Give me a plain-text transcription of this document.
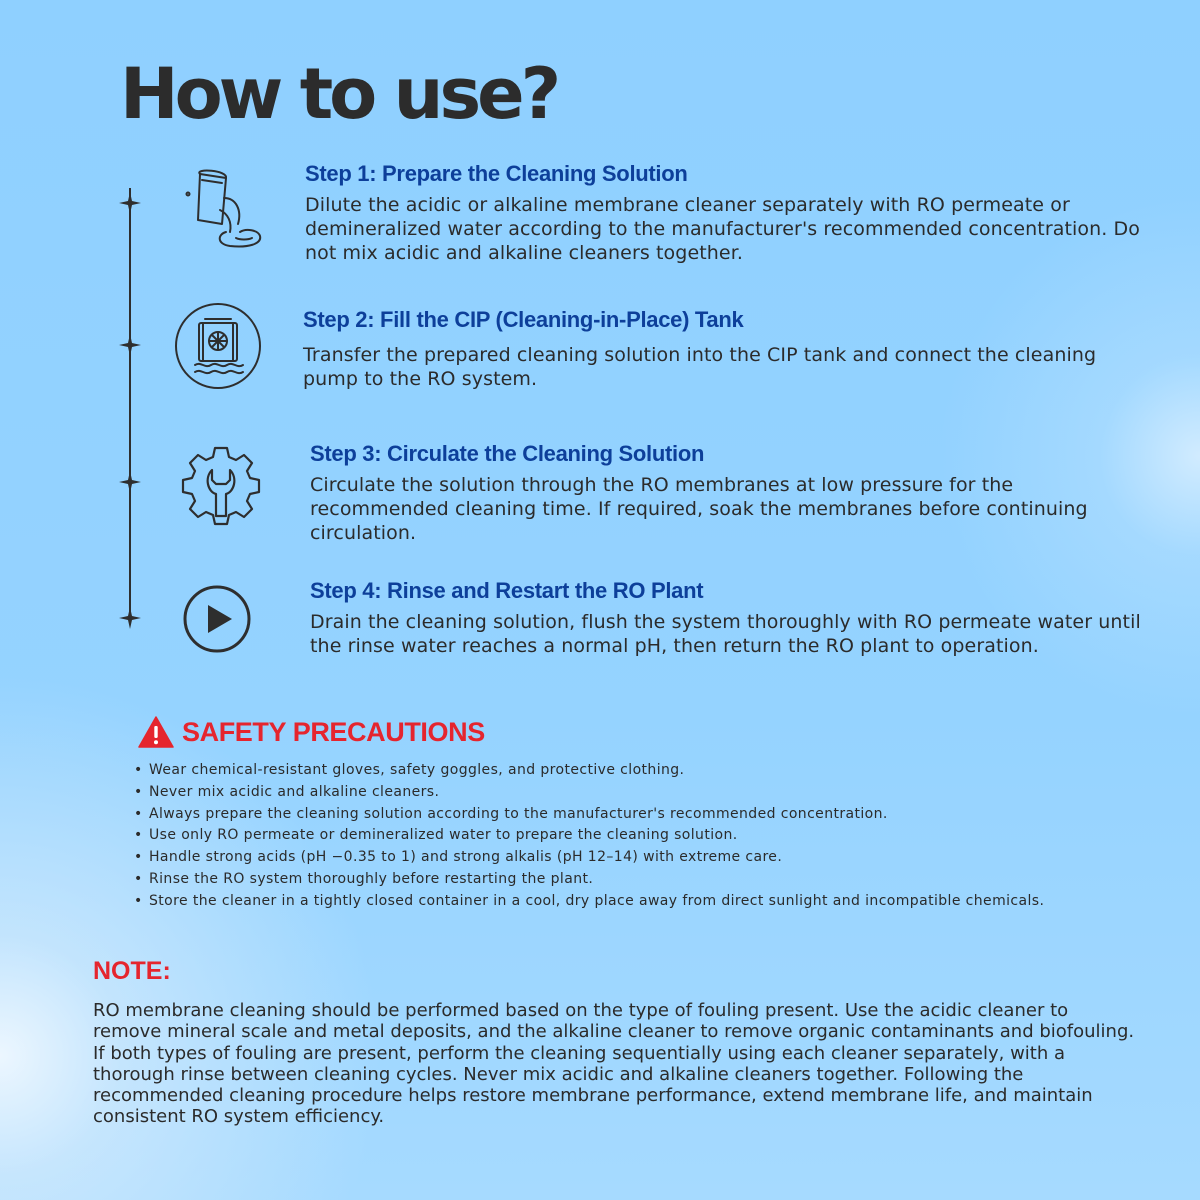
How to use?
Step 1: Prepare the Cleaning Solution
Dilute the acidic or alkaline membrane cleaner separately with RO permeate or demineralized water according to the manufacturer's recommended concentration. Do not mix acidic and alkaline cleaners together.
Step 2: Fill the CIP (Cleaning-in-Place) Tank
Transfer the prepared cleaning solution into the CIP tank and connect the cleaning pump to the RO system.
Step 3: Circulate the Cleaning Solution
Circulate the solution through the RO membranes at low pressure for the recommended cleaning time. If required, soak the membranes before continuing circulation.
Step 4: Rinse and Restart the RO Plant
Drain the cleaning solution, flush the system thoroughly with RO permeate water until the rinse water reaches a normal pH, then return the RO plant to operation.
SAFETY PRECAUTIONS
• Wear chemical-resistant gloves, safety goggles, and protective clothing.
• Never mix acidic and alkaline cleaners.
• Always prepare the cleaning solution according to the manufacturer's recommended concentration.
• Use only RO permeate or demineralized water to prepare the cleaning solution.
• Handle strong acids (pH −0.35 to 1) and strong alkalis (pH 12–14) with extreme care.
• Rinse the RO system thoroughly before restarting the plant.
• Store the cleaner in a tightly closed container in a cool, dry place away from direct sunlight and incompatible chemicals.
NOTE:
RO membrane cleaning should be performed based on the type of fouling present. Use the acidic cleaner to remove mineral scale and metal deposits, and the alkaline cleaner to remove organic contaminants and biofouling. If both types of fouling are present, perform the cleaning sequentially using each cleaner separately, with a thorough rinse between cleaning cycles. Never mix acidic and alkaline cleaners together. Following the recommended cleaning procedure helps restore membrane performance, extend membrane life, and maintain consistent RO system efficiency.
